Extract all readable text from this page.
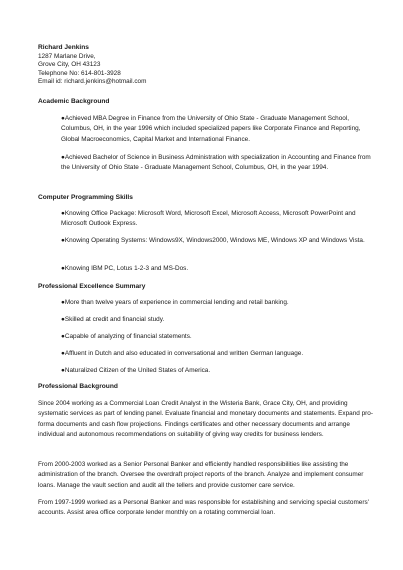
Richard Jenkins
1287 Marlane Drive,
Grove City, OH 43123
Telephone No: 614-801-3928
Email id: richard.jenkins@hotmail.com
Academic Background
●Achieved MBA Degree in Finance from the University of Ohio State - Graduate Management School, Columbus, OH, in the year 1996 which included specialized papers like Corporate Finance and Reporting, Global Macroeconomics, Capital Market and International Finance.
●Achieved Bachelor of Science in Business Administration with specialization in Accounting and Finance from the University of Ohio State - Graduate Management School, Columbus, OH, in the year 1994.
Computer Programming Skills
●Knowing Office Package: Microsoft Word, Microsoft Excel, Microsoft Access, Microsoft PowerPoint and Microsoft Outlook Express.
●Knowing Operating Systems: Windows9X, Windows2000, Windows ME, Windows XP and Windows Vista.
●Knowing IBM PC, Lotus 1-2-3 and MS-Dos.
Professional Excellence Summary
●More than twelve years of experience in commercial lending and retail banking.
●Skilled at credit and financial study.
●Capable of analyzing of financial statements.
●Affluent in Dutch and also educated in conversational and written German language.
●Naturalized Citizen of the United States of America.
Professional Background
Since 2004 working as a Commercial Loan Credit Analyst in the Wisteria Bank, Grace City, OH, and providing systematic services as part of lending panel. Evaluate financial and monetary documents and statements. Expand pro-forma documents and cash flow projections. Findings certificates and other necessary documents and arrange individual and autonomous recommendations on suitability of giving way credits for business lenders.
From 2000-2003 worked as a Senior Personal Banker and efficiently handled responsibilities like assisting the administration of the branch. Oversee the overdraft project reports of the branch. Analyze and implement consumer loans. Manage the vault section and audit all the tellers and provide customer care service.
From 1997-1999 worked as a Personal Banker and was responsible for establishing and servicing special customers' accounts. Assist area office corporate lender monthly on a rotating commercial loan.
